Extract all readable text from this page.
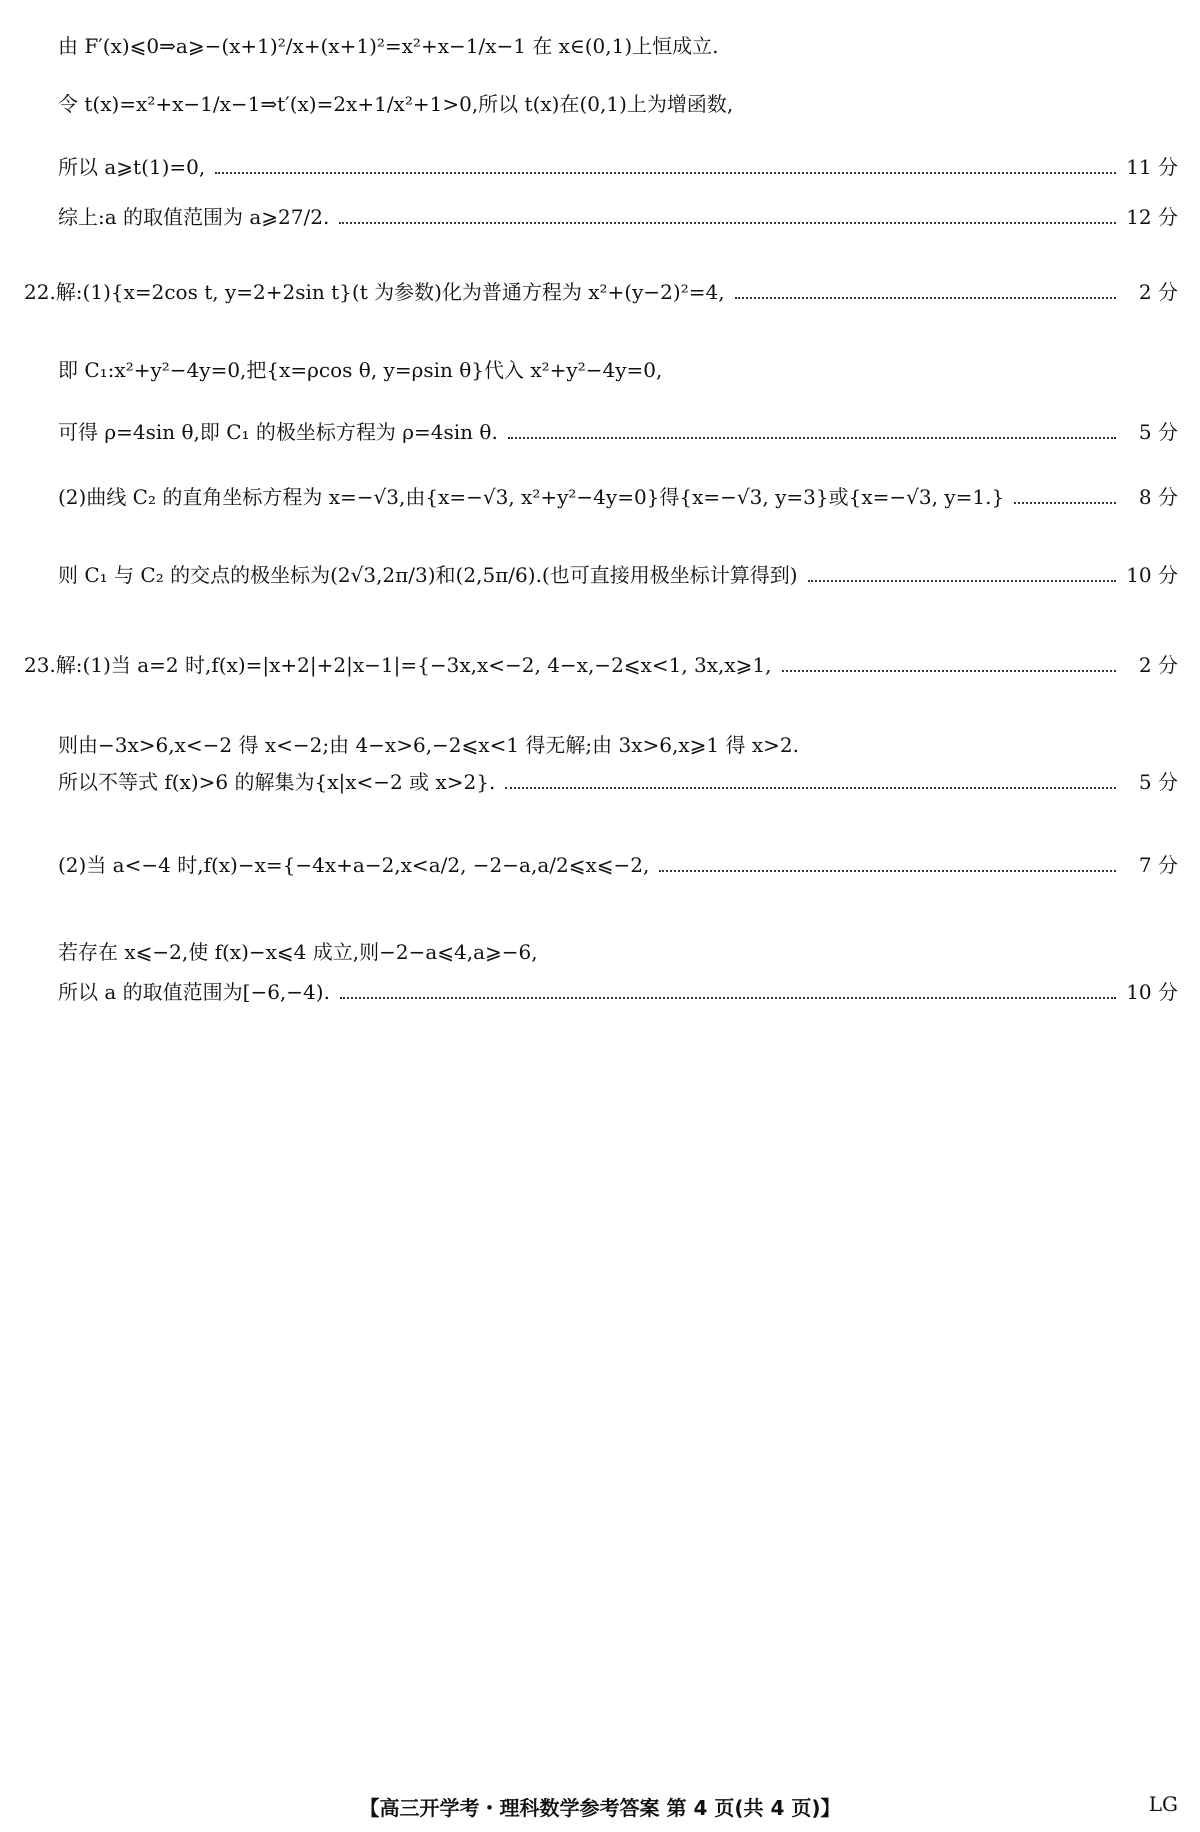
由 F′(x)⩽0⇒a⩾−(x+1)²/x+(x+1)²=x²+x−1/x−1 在 x∈(0,1)上恒成立.
令 t(x)=x²+x−1/x−1⇒t′(x)=2x+1/x²+1>0,所以 t(x)在(0,1)上为增函数,
所以 a⩾t(1)=0,	11 分
综上:a 的取值范围为 a⩾27/2.	12 分
22.解:(1){x=2cos t, y=2+2sin t}(t 为参数)化为普通方程为 x²+(y−2)²=4,	2 分
即 C₁:x²+y²−4y=0,把{x=ρcos θ, y=ρsin θ}代入 x²+y²−4y=0,
可得 ρ=4sin θ,即 C₁ 的极坐标方程为 ρ=4sin θ.	5 分
(2)曲线 C₂ 的直角坐标方程为 x=−√3,由{x=−√3, x²+y²−4y=0}得{x=−√3, y=3}或{x=−√3, y=1.}	8 分
则 C₁ 与 C₂ 的交点的极坐标为(2√3,2π/3)和(2,5π/6).(也可直接用极坐标计算得到)	10 分
23.解:(1)当 a=2 时,f(x)=|x+2|+2|x−1|={−3x,x<−2, 4−x,−2⩽x<1, 3x,x⩾1,	2 分
则由−3x>6,x<−2 得 x<−2;由 4−x>6,−2⩽x<1 得无解;由 3x>6,x⩾1 得 x>2.
所以不等式 f(x)>6 的解集为{x|x<−2 或 x>2}.	5 分
(2)当 a<−4 时,f(x)−x={−4x+a−2,x<a/2, −2−a,a/2⩽x⩽−2,	7 分
若存在 x⩽−2,使 f(x)−x⩽4 成立,则−2−a⩽4,a⩾−6,
所以 a 的取值范围为[−6,−4).	10 分
【高三开学考・理科数学参考答案 第 4 页(共 4 页)】	LG
